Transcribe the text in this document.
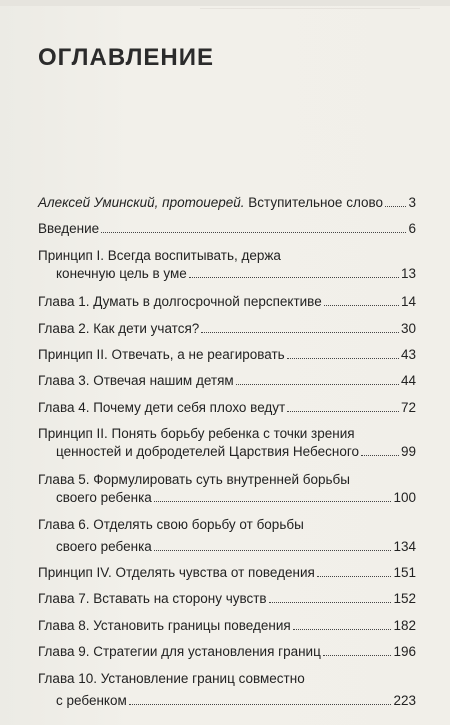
ОГЛАВЛЕНИЕ
Алексей Уминский, протоиерей.
Вступительное слово 3
Введение	6
Принцип I. Всегда воспитывать, держа
конечную цель в уме	13
Глава 1. Думать в долгосрочной перспективе	14
Глава 2. Как дети учатся?	30
Принцип II. Отвечать, а не реагировать	43
Глава 3. Отвечая нашим детям	44
Глава 4. Почему дети себя плохо ведут	72
Принцип II. Понять борьбу ребенка с точки зрения
ценностей и добродетелей Царствия Небесного	99
Глава 5. Формулировать суть внутренней борьбы
своего ребенка	100
Глава 6. Отделять свою борьбу от борьбы
своего ребенка	134
Принцип IV. Отделять чувства от поведения	151
Глава 7. Вставать на сторону чувств	152
Глава 8. Установить границы поведения	182
Глава 9. Стратегии для установления границ	196
Глава 10. Установление границ совместно
с ребенком	223
